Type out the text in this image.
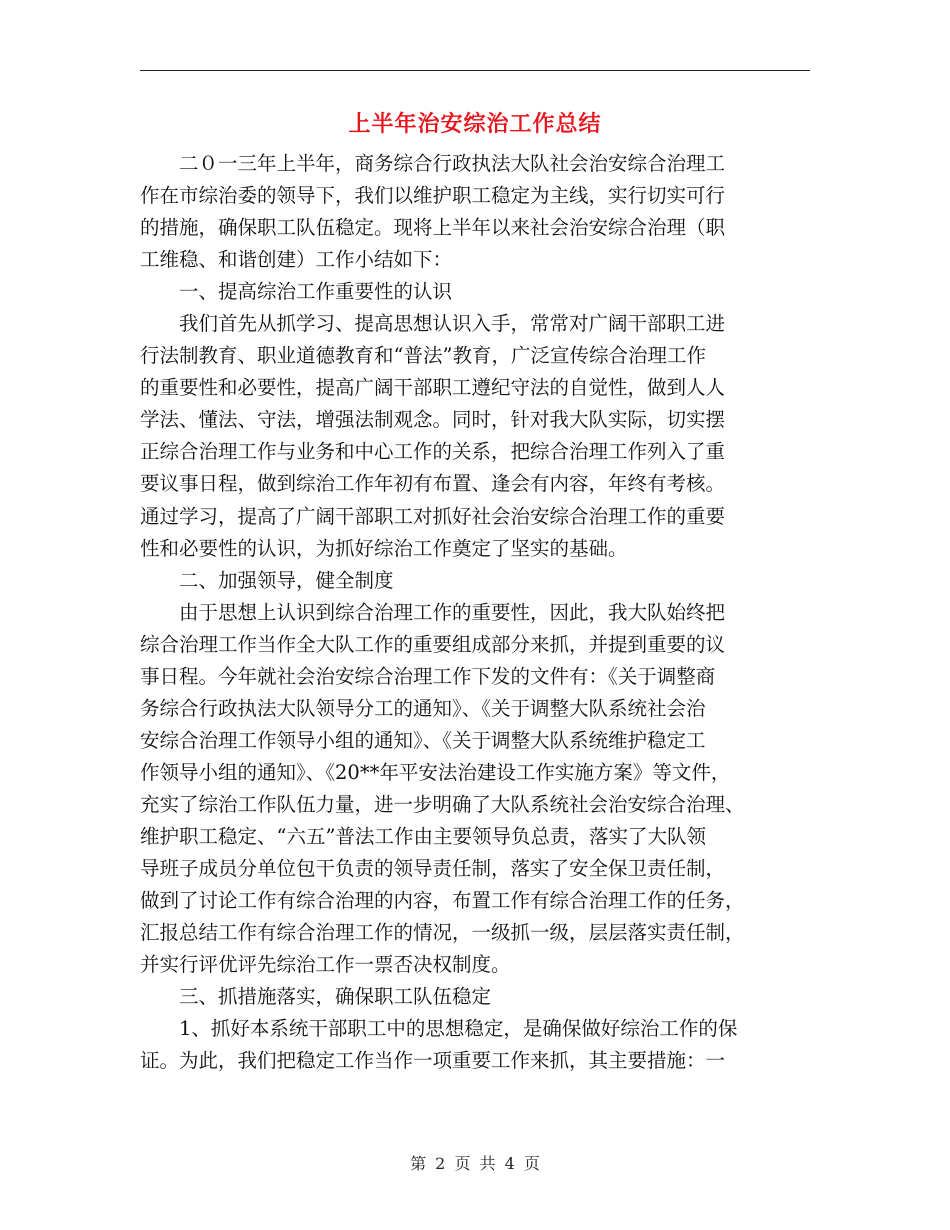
上半年治安综治工作总结
　　二０一三年上半年，商务综合行政执法大队社会治安综合治理工
作在市综治委的领导下，我们以维护职工稳定为主线，实行切实可行
的措施，确保职工队伍稳定。现将上半年以来社会治安综合治理（职
工维稳、和谐创建）工作小结如下：
　　一、提高综治工作重要性的认识
　　我们首先从抓学习、提高思想认识入手，常常对广阔干部职工进
行法制教育、职业道德教育和“普法”教育，广泛宣传综合治理工作
的重要性和必要性，提高广阔干部职工遵纪守法的自觉性，做到人人
学法、懂法、守法，增强法制观念。同时，针对我大队实际，切实摆
正综合治理工作与业务和中心工作的关系，把综合治理工作列入了重
要议事日程，做到综治工作年初有布置、逢会有内容，年终有考核。
通过学习，提高了广阔干部职工对抓好社会治安综合治理工作的重要
性和必要性的认识，为抓好综治工作奠定了坚实的基础。
　　二、加强领导，健全制度
　　由于思想上认识到综合治理工作的重要性，因此，我大队始终把
综合治理工作当作全大队工作的重要组成部分来抓，并提到重要的议
事日程。今年就社会治安综合治理工作下发的文件有：《关于调整商
务综合行政执法大队领导分工的通知》、《关于调整大队系统社会治
安综合治理工作领导小组的通知》、《关于调整大队系统维护稳定工
作领导小组的通知》、《20**年平安法治建设工作实施方案》等文件，
充实了综治工作队伍力量，进一步明确了大队系统社会治安综合治理、
维护职工稳定、“六五”普法工作由主要领导负总责，落实了大队领
导班子成员分单位包干负责的领导责任制，落实了安全保卫责任制，
做到了讨论工作有综合治理的内容，布置工作有综合治理工作的任务，
汇报总结工作有综合治理工作的情况，一级抓一级，层层落实责任制，
并实行评优评先综治工作一票否决权制度。
　　三、抓措施落实，确保职工队伍稳定
　　1、抓好本系统干部职工中的思想稳定，是确保做好综治工作的保
证。为此，我们把稳定工作当作一项重要工作来抓，其主要措施：一
第 2 页 共 4 页
